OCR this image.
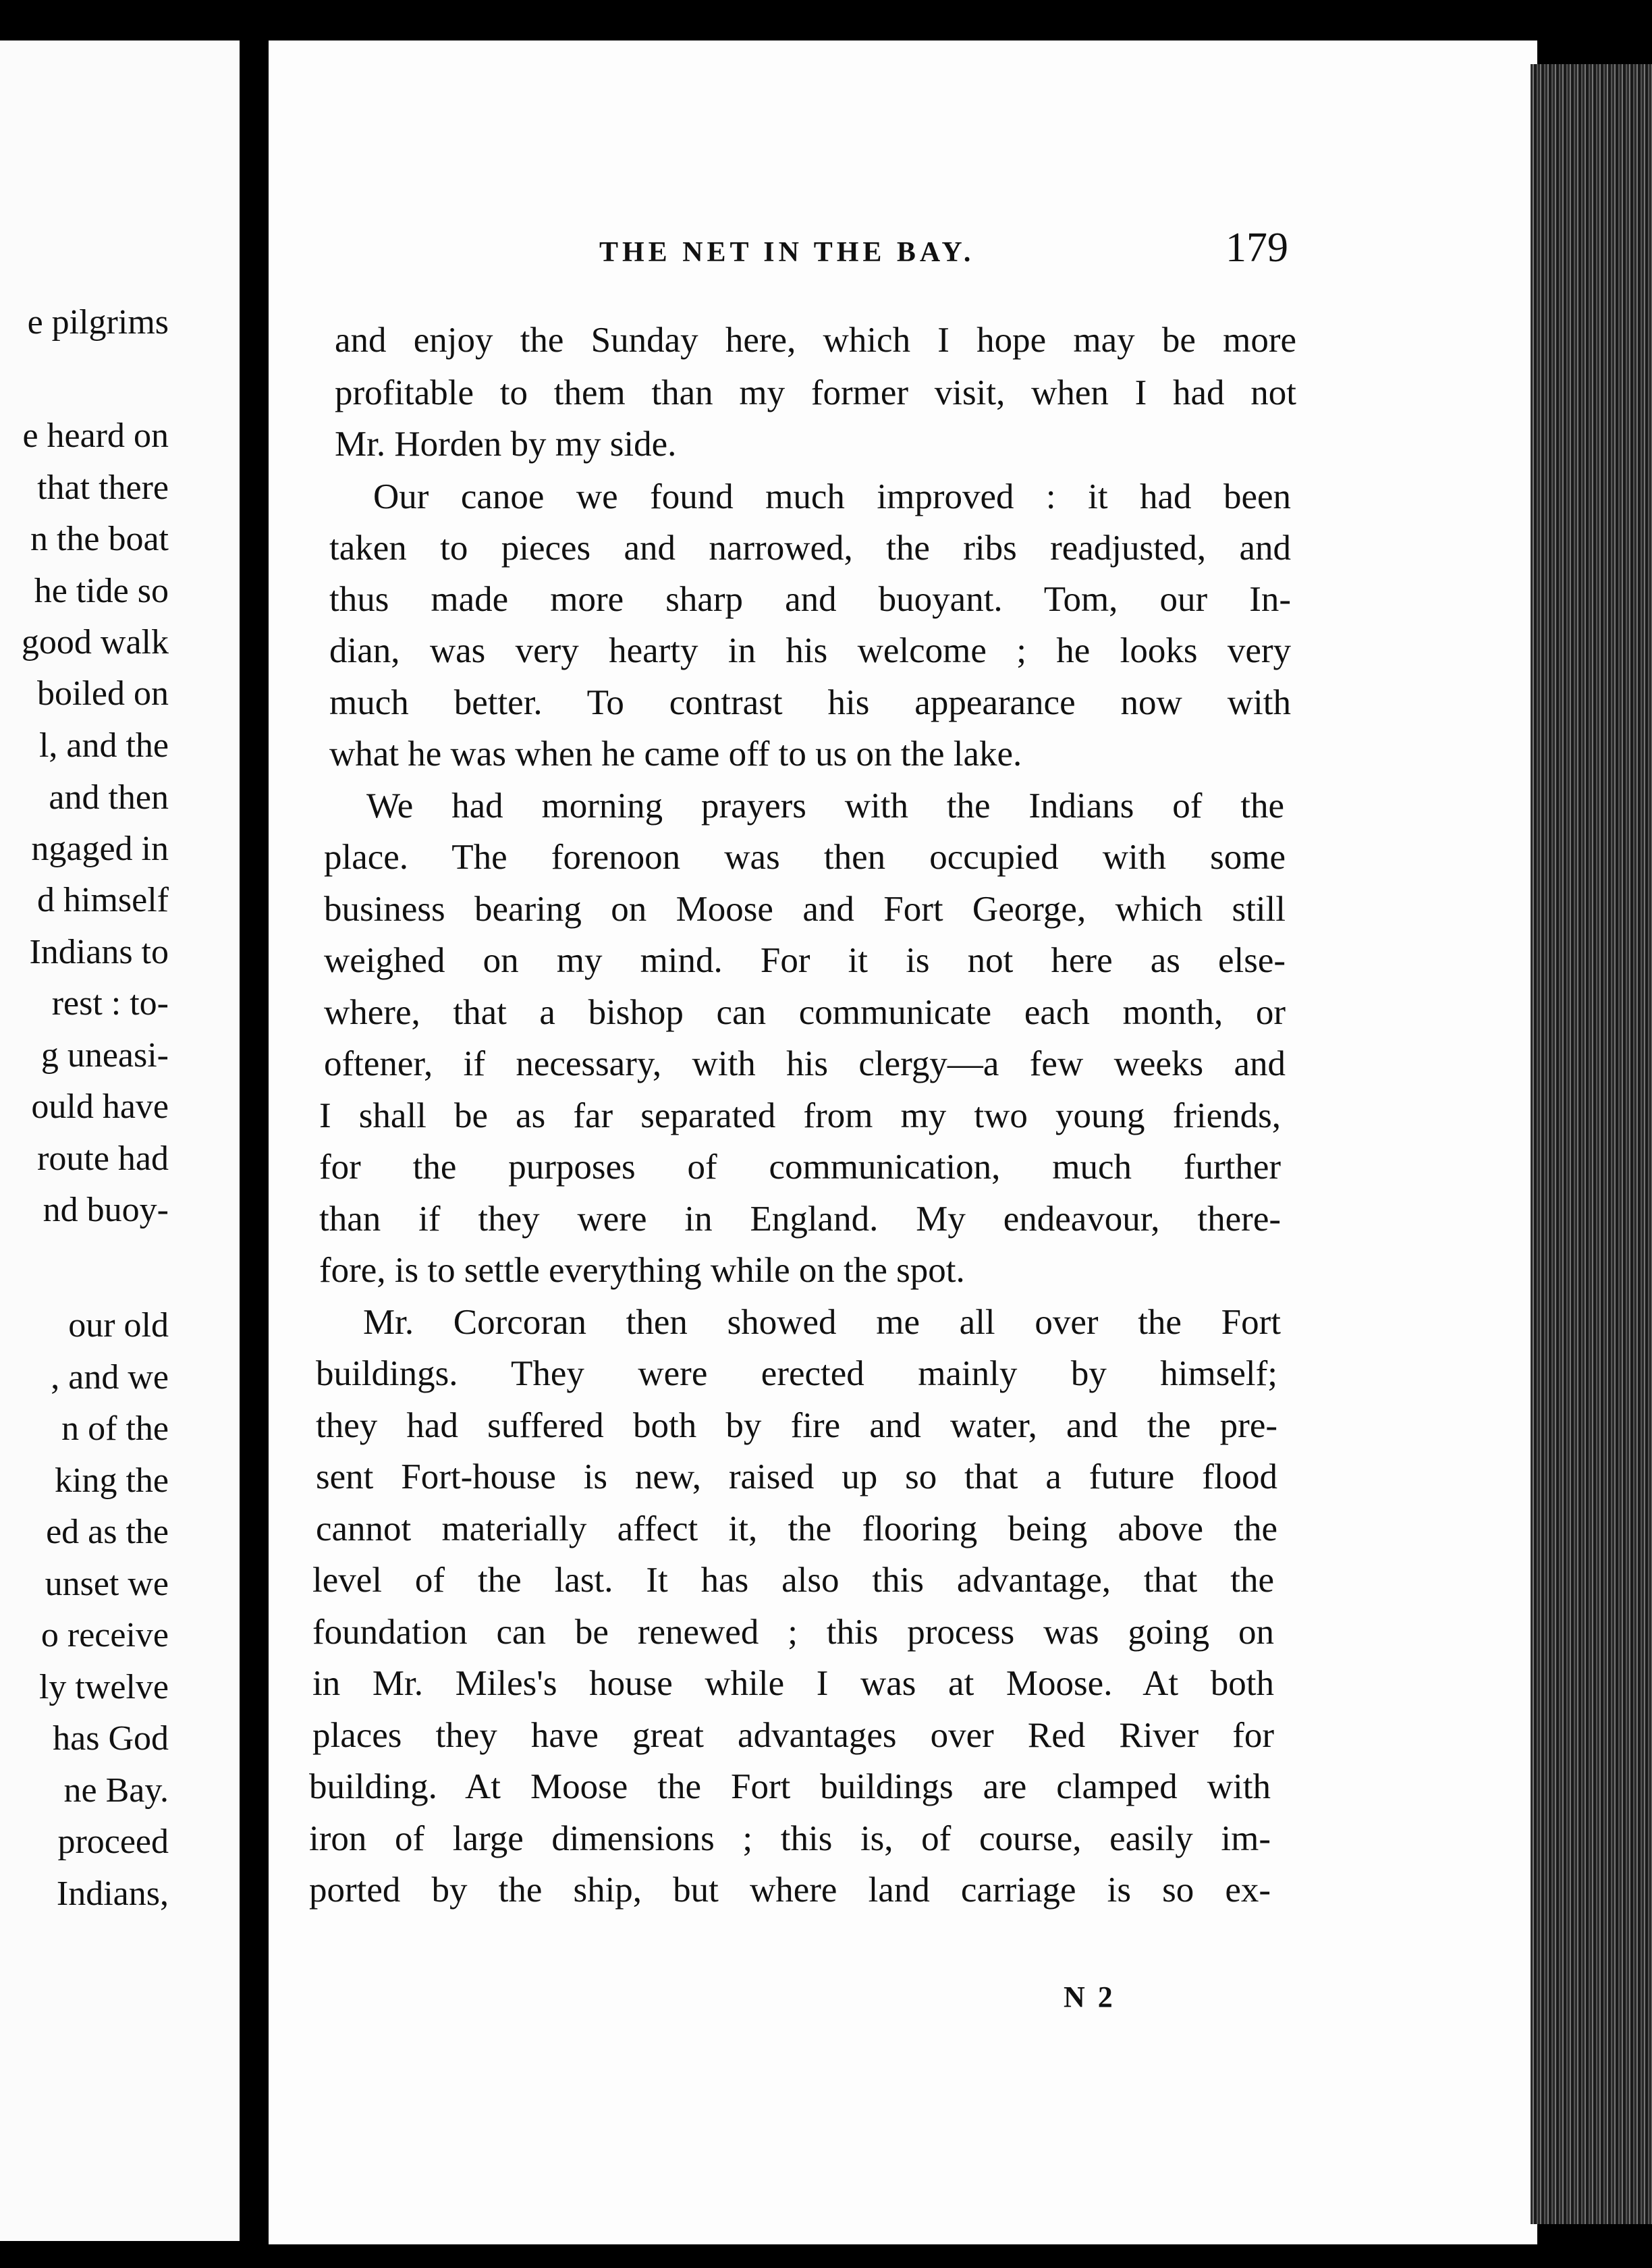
e pilgrims
e heard on
that there
n the boat
he tide so
good walk
boiled on
l, and the
and then
ngaged in
d himself
Indians to
rest : to-
g uneasi-
ould have
route had
nd buoy-
our old
, and we
n of the
king the
ed as the
unset we
o receive
ly twelve
has God
ne Bay.
proceed
Indians,
THE NET IN THE BAY.	179
and enjoy the Sunday here, which I hope may be more
profitable to them than my former visit, when I had not
Mr. Horden by my side.
Our canoe we found much improved : it had been
taken to pieces and narrowed, the ribs readjusted, and
thus made more sharp and buoyant. Tom, our In-
dian, was very hearty in his welcome ; he looks very
much better. To contrast his appearance now with
what he was when he came off to us on the lake.
We had morning prayers with the Indians of the
place. The forenoon was then occupied with some
business bearing on Moose and Fort George, which still
weighed on my mind. For it is not here as else-
where, that a bishop can communicate each month, or
oftener, if necessary, with his clergy—a few weeks and
I shall be as far separated from my two young friends,
for the purposes of communication, much further
than if they were in England. My endeavour, there-
fore, is to settle everything while on the spot.
Mr. Corcoran then showed me all over the Fort
buildings. They were erected mainly by himself;
they had suffered both by fire and water, and the pre-
sent Fort-house is new, raised up so that a future flood
cannot materially affect it, the flooring being above the
level of the last. It has also this advantage, that the
foundation can be renewed ; this process was going on
in Mr. Miles's house while I was at Moose. At both
places they have great advantages over Red River for
building. At Moose the Fort buildings are clamped with
iron of large dimensions ; this is, of course, easily im-
ported by the ship, but where land carriage is so ex-
N 2
